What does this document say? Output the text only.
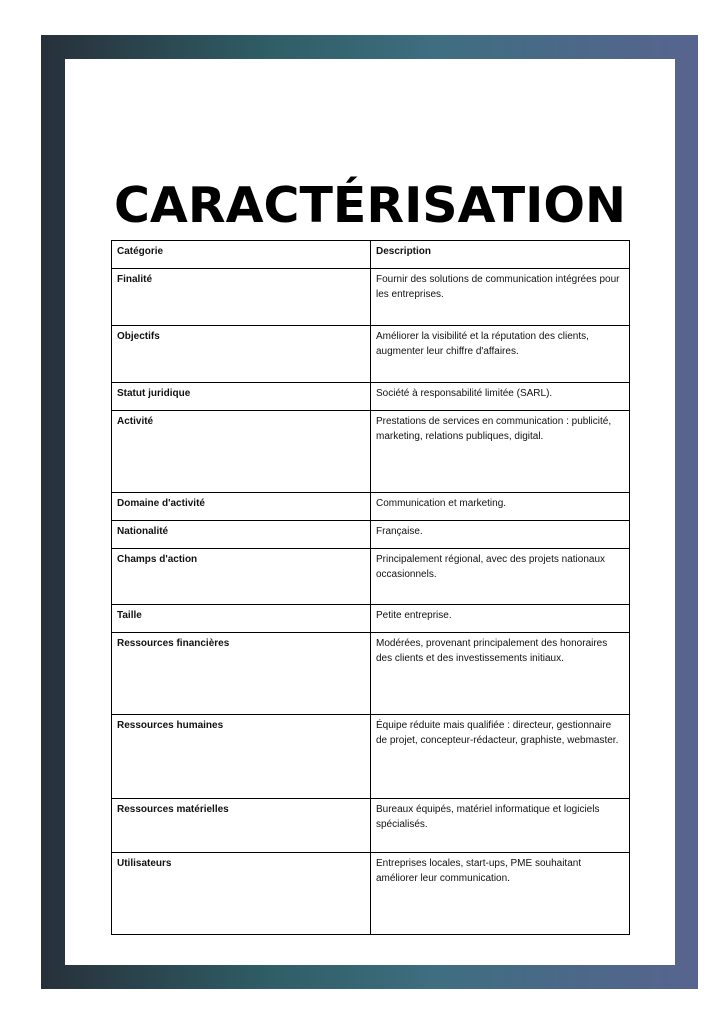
CARACTÉRISATION
Catégorie	Description
Finalité	Fournir des solutions de communication intégrées pour les entreprises.
Objectifs	Améliorer la visibilité et la réputation des clients, augmenter leur chiffre d'affaires.
Statut juridique	Société à responsabilité limitée (SARL).
Activité	Prestations de services en communication : publicité, marketing, relations publiques, digital.
Domaine d'activité	Communication et marketing.
Nationalité	Française.
Champs d'action	Principalement régional, avec des projets nationaux occasionnels.
Taille	Petite entreprise.
Ressources financières	Modérées, provenant principalement des honoraires des clients et des investissements initiaux.
Ressources humaines	Équipe réduite mais qualifiée : directeur, gestionnaire de projet, concepteur-rédacteur, graphiste, webmaster.
Ressources matérielles	Bureaux équipés, matériel informatique et logiciels spécialisés.
Utilisateurs	Entreprises locales, start-ups, PME souhaitant améliorer leur communication.
